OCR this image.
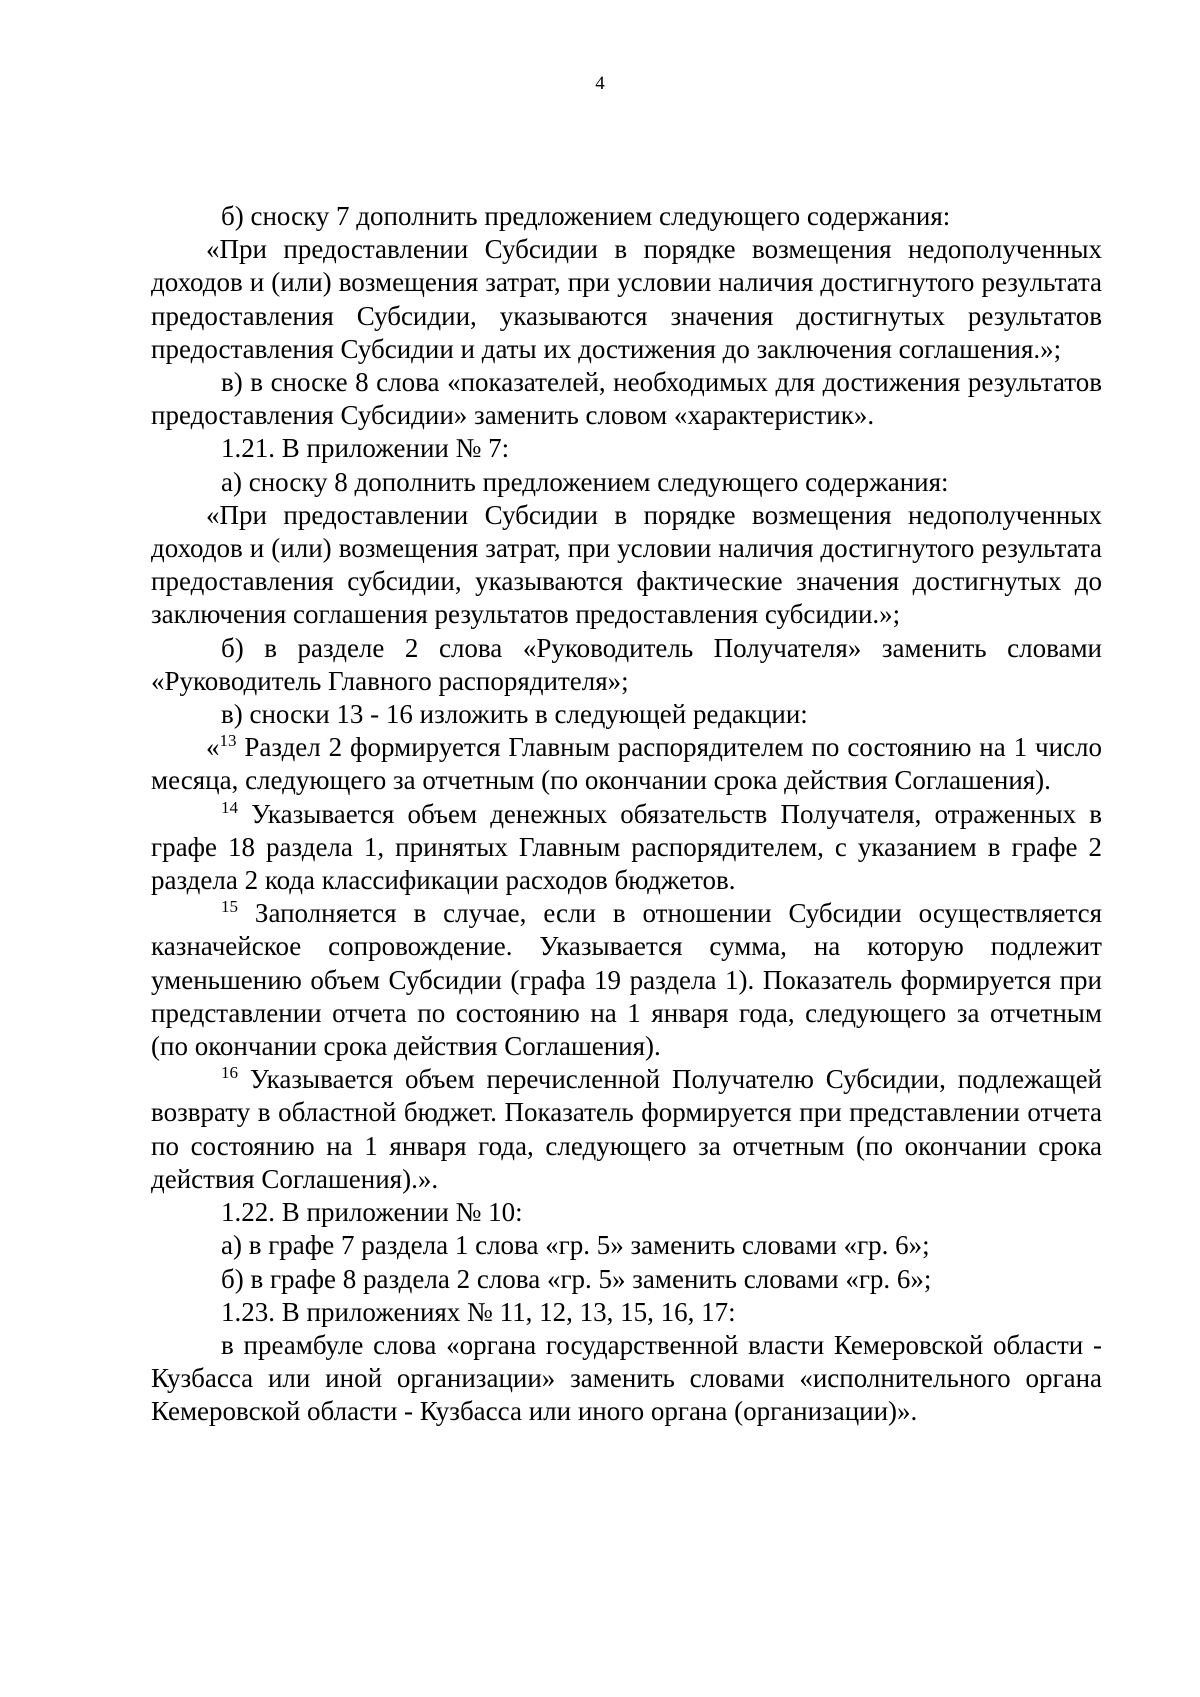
4

б) сноску 7 дополнить предложением следующего содержания:

«При предоставлении Субсидии в порядке возмещения недополученных доходов и (или) возмещения затрат, при условии наличия достигнутого результата предоставления Субсидии, указываются значения достигнутых результатов предоставления Субсидии и даты их достижения до заключения соглашения.»;

в) в сноске 8 слова «показателей, необходимых для достижения результатов предоставления Субсидии» заменить словом «характеристик».

1.21. В приложении № 7:

а) сноску 8 дополнить предложением следующего содержания:

«При предоставлении Субсидии в порядке возмещения недополученных доходов и (или) возмещения затрат, при условии наличия достигнутого результата предоставления субсидии, указываются фактические значения достигнутых до заключения соглашения результатов предоставления субсидии.»;

б) в разделе 2 слова «Руководитель Получателя» заменить словами «Руководитель Главного распорядителя»;

в) сноски 13 - 16 изложить в следующей редакции:

«$^{13}$ Раздел 2 формируется Главным распорядителем по состоянию на 1 число месяца, следующего за отчетным (по окончании срока действия Соглашения).

$^{14}$ Указывается объем денежных обязательств Получателя, отраженных в графе 18 раздела 1, принятых Главным распорядителем, с указанием в графе 2 раздела 2 кода классификации расходов бюджетов.

$^{15}$ Заполняется в случае, если в отношении Субсидии осуществляется казначейское сопровождение. Указывается сумма, на которую подлежит уменьшению объем Субсидии (графа 19 раздела 1). Показатель формируется при представлении отчета по состоянию на 1 января года, следующего за отчетным (по окончании срока действия Соглашения).

$^{16}$ Указывается объем перечисленной Получателю Субсидии, подлежащей возврату в областной бюджет. Показатель формируется при представлении отчета по состоянию на 1 января года, следующего за отчетным (по окончании срока действия Соглашения).».

1.22. В приложении № 10:

а) в графе 7 раздела 1 слова «гр. 5» заменить словами «гр. 6»;

б) в графе 8 раздела 2 слова «гр. 5» заменить словами «гр. 6»;

1.23. В приложениях № 11, 12, 13, 15, 16, 17:

в преамбуле слова «органа государственной власти Кемеровской области - Кузбасса или иной организации» заменить словами «исполнительного органа Кемеровской области - Кузбасса или иного органа (организации)».
